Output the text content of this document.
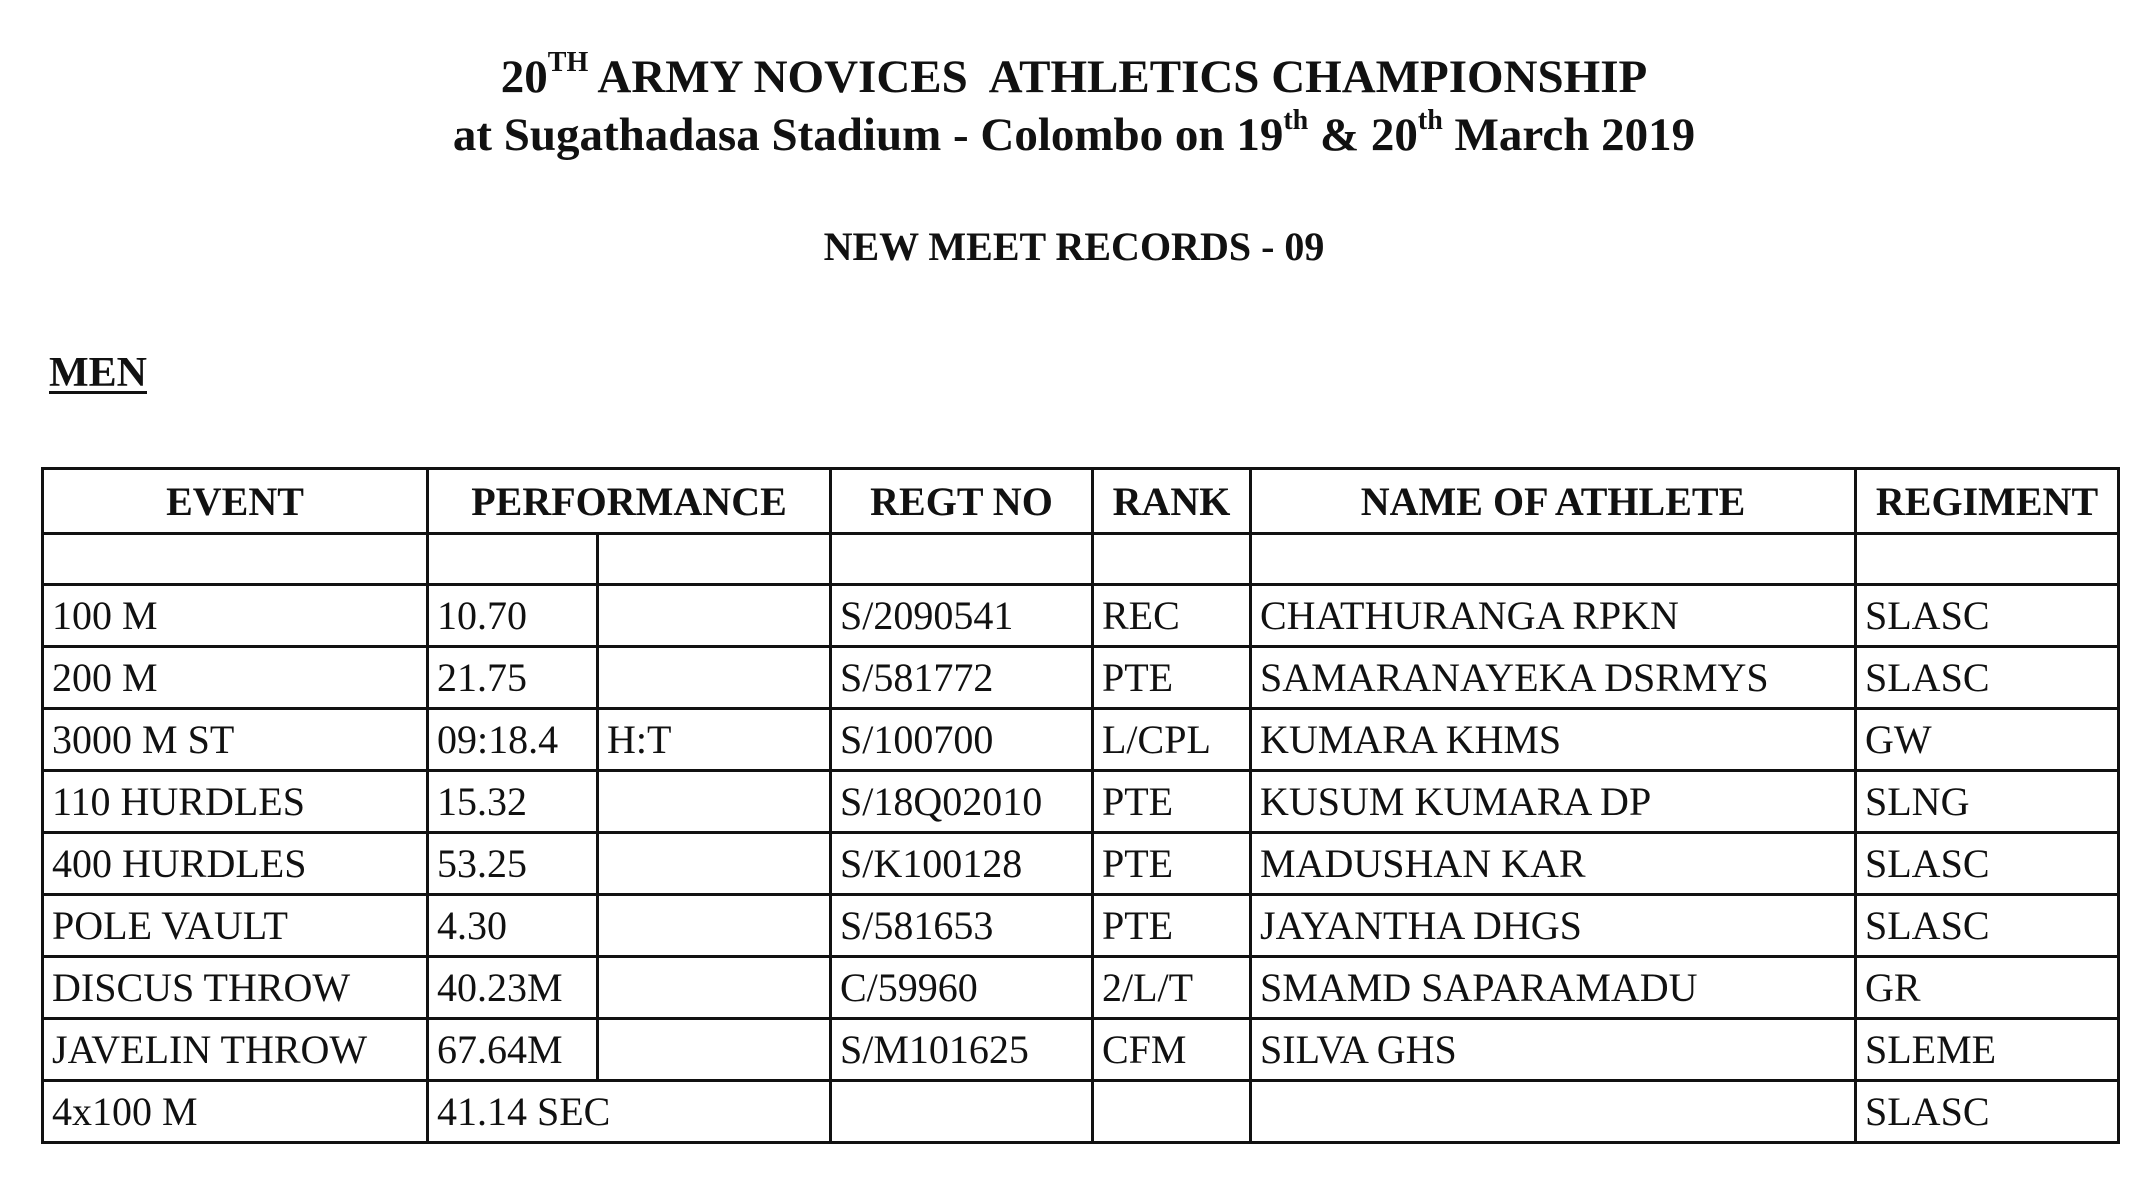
20TH ARMY NOVICES  ATHLETICS CHAMPIONSHIP
at Sugathadasa Stadium - Colombo on 19th & 20th March 2019
NEW MEET RECORDS - 09
MEN
EVENT	PERFORMANCE		REGT NO	RANK	NAME OF ATHLETE	REGIMENT

100 M	10.70		S/2090541	REC	CHATHURANGA RPKN	SLASC
200 M	21.75		S/581772	PTE	SAMARANAYEKA DSRMYS	SLASC
3000 M ST	09:18.4	H:T	S/100700	L/CPL	KUMARA KHMS	GW
110 HURDLES	15.32		S/18Q02010	PTE	KUSUM KUMARA DP	SLNG
400 HURDLES	53.25		S/K100128	PTE	MADUSHAN KAR	SLASC
POLE VAULT	4.30		S/581653	PTE	JAYANTHA DHGS	SLASC
DISCUS THROW	40.23M		C/59960	2/L/T	SMAMD SAPARAMADU	GR
JAVELIN THROW	67.64M		S/M101625	CFM	SILVA GHS	SLEME
4x100 M	41.14 SEC					SLASC
